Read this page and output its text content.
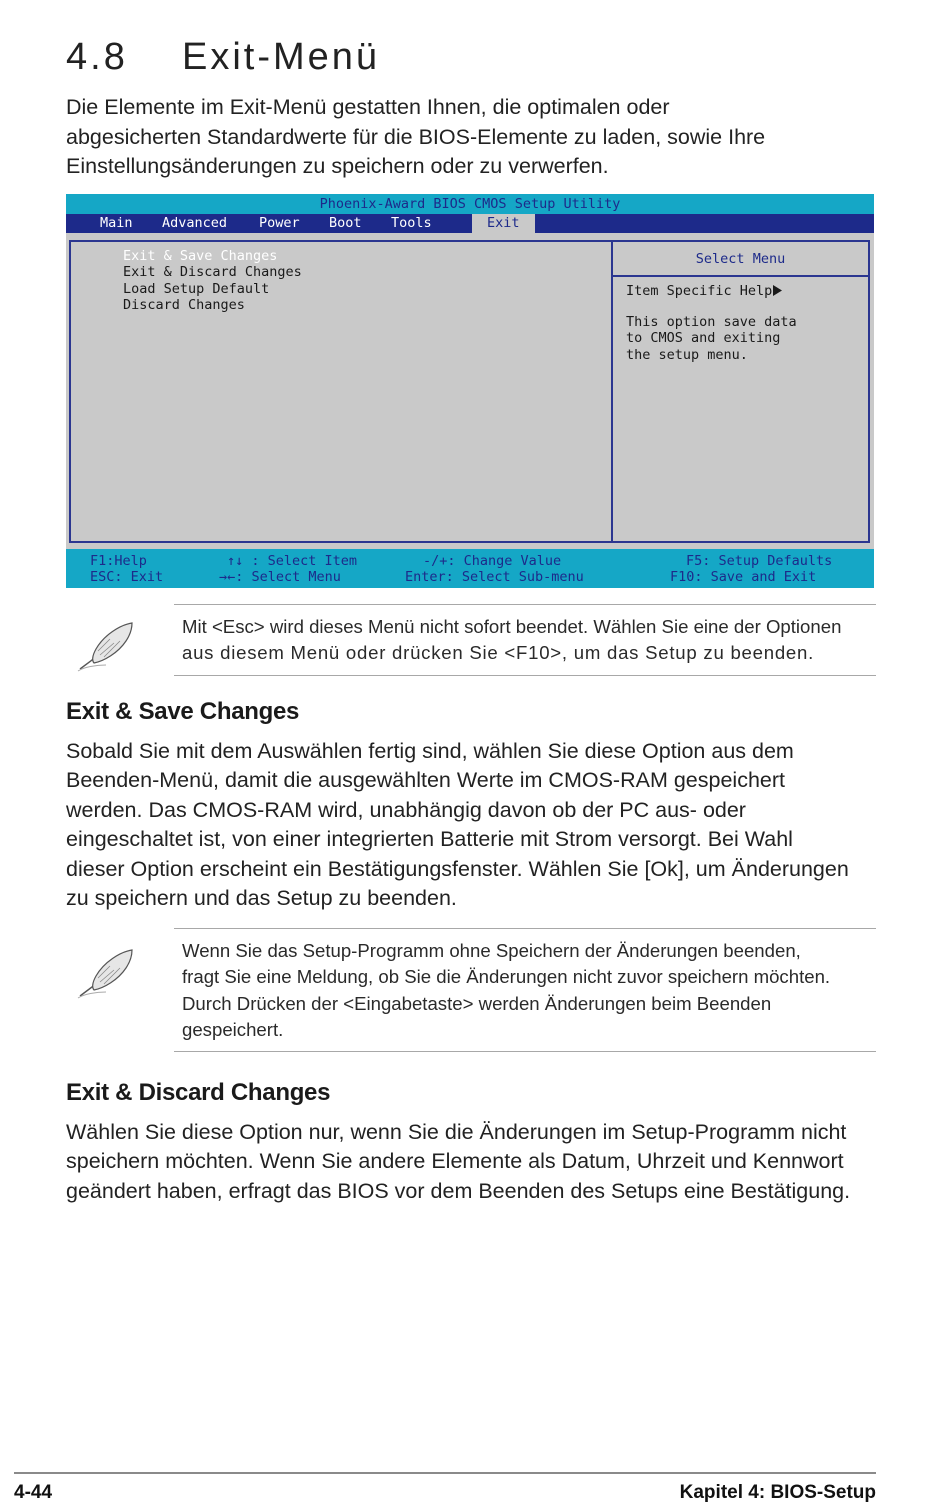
4.8 Exit-Menü
Die Elemente im Exit-Menü gestatten Ihnen, die optimalen oder
abgesicherten Standardwerte für die BIOS-Elemente zu laden, sowie Ihre
Einstellungsänderungen zu speichern oder zu verwerfen.
Phoenix-Award BIOS CMOS Setup Utility
Main Advanced Power Boot Tools	Exit
Exit & Save Changes
Exit & Discard Changes
Load Setup Default
Discard Changes
Select Menu
Item Specific Help
This option save data
to CMOS and exiting
the setup menu.
F1:Help
ESC: Exit
↑↓ : Select Item
→←: Select Menu
-/+: Change Value
Enter: Select Sub-menu
F5: Setup Defaults
F10: Save and Exit
Mit <Esc> wird dieses Menü nicht sofort beendet. Wählen Sie eine der Optionen
aus diesem Menü oder drücken Sie <F10>, um das Setup zu beenden.
Exit & Save Changes
Sobald Sie mit dem Auswählen fertig sind, wählen Sie diese Option aus dem
Beenden-Menü, damit die ausgewählten Werte im CMOS-RAM gespeichert
werden. Das CMOS-RAM wird, unabhängig davon ob der PC aus- oder
eingeschaltet ist, von einer integrierten Batterie mit Strom versorgt. Bei Wahl
dieser Option erscheint ein Bestätigungsfenster. Wählen Sie [Ok], um Änderungen
zu speichern und das Setup zu beenden.
Wenn Sie das Setup-Programm ohne Speichern der Änderungen beenden,
fragt Sie eine Meldung, ob Sie die Änderungen nicht zuvor speichern möchten.
Durch Drücken der <Eingabetaste> werden Änderungen beim Beenden
gespeichert.
Exit & Discard Changes
Wählen Sie diese Option nur, wenn Sie die Änderungen im Setup-Programm nicht
speichern möchten. Wenn Sie andere Elemente als Datum, Uhrzeit und Kennwort
geändert haben, erfragt das BIOS vor dem Beenden des Setups eine Bestätigung.
4-44	Kapitel 4: BIOS-Setup
